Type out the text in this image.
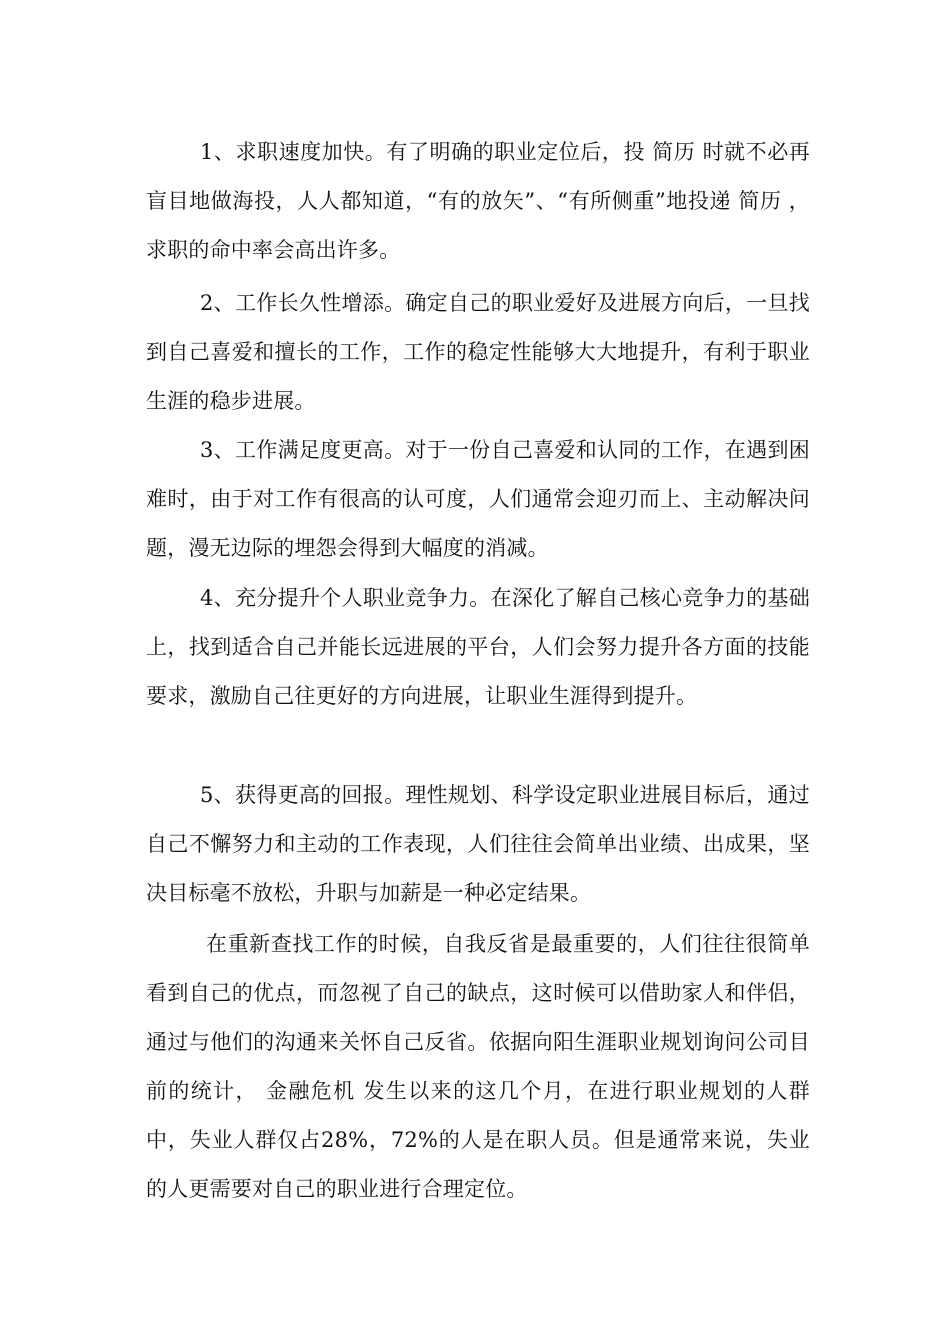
1、求职速度加快。有了明确的职业定位后，投 简历 时就不必再盲目地做海投，人人都知道，“有的放矢”、“有所侧重”地投递 简历 ，求职的命中率会高出许多。

2、工作长久性增添。确定自己的职业爱好及进展方向后，一旦找到自己喜爱和擅长的工作，工作的稳定性能够大大地提升，有利于职业生涯的稳步进展。

3、工作满足度更高。对于一份自己喜爱和认同的工作，在遇到困难时，由于对工作有很高的认可度，人们通常会迎刃而上、主动解决问题，漫无边际的埋怨会得到大幅度的消减。

4、充分提升个人职业竞争力。在深化了解自己核心竞争力的基础上，找到适合自己并能长远进展的平台，人们会努力提升各方面的技能要求，激励自己往更好的方向进展，让职业生涯得到提升。

5、获得更高的回报。理性规划、科学设定职业进展目标后，通过自己不懈努力和主动的工作表现，人们往往会简单出业绩、出成果，坚决目标毫不放松，升职与加薪是一种必定结果。

在重新查找工作的时候，自我反省是最重要的，人们往往很简单看到自己的优点，而忽视了自己的缺点，这时候可以借助家人和伴侣，通过与他们的沟通来关怀自己反省。依据向阳生涯职业规划询问公司目前的统计， 金融危机 发生以来的这几个月，在进行职业规划的人群中，失业人群仅占28%，72%的人是在职人员。但是通常来说，失业的人更需要对自己的职业进行合理定位。
